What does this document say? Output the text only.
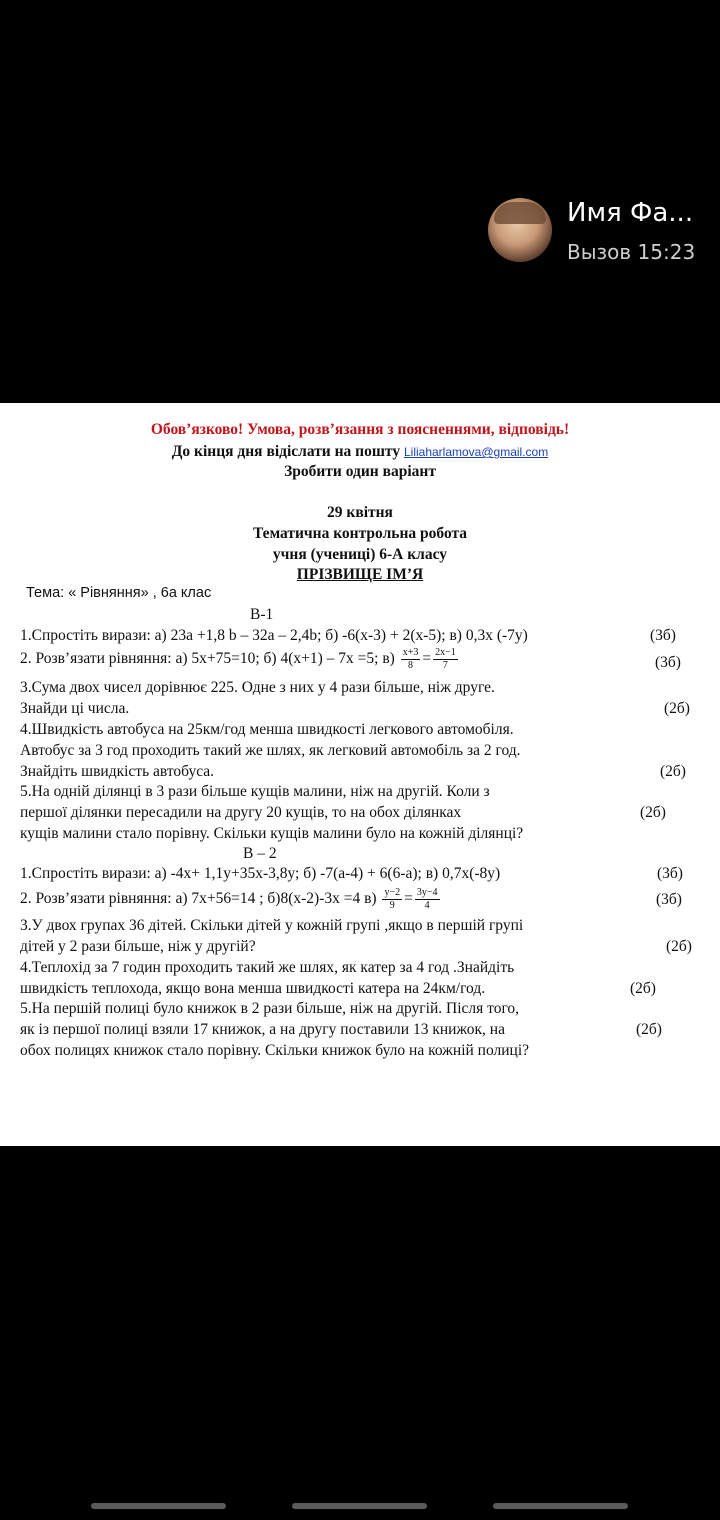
Имя Фа...
Вызов 15:23
Обов’язково! Умова, розв’язання з поясненнями, відповідь!
До кінця дня відіслати на пошту Liliaharlamova@gmail.com
Зробити один варіант
29 квітня
Тематична контрольна робота
учня (учениці) 6-А класу
ПРІЗВИЩЕ ІМ’Я
Тема: « Рівняння» , 6а клас
В-1
1.Спростіть вирази: а) 23а +1,8 b – 32а – 2,4b; б) -6(х-3) + 2(х-5); в) 0,3х (-7у)	(3б)
2. Розв’язати рівняння: а) 5х+75=10; б) 4(х+1) – 7х =5; $в) \frac{х+3}{8} = \frac{2х-1}{7}$	(3б)
3.Сума двох чисел дорівнює 225. Одне з них у 4 рази більше, ніж друге.
Знайди ці числа.	(2б)
4.Швидкість автобуса на 25км/год менша швидкості легкового автомобіля.
Автобус за 3 год проходить такий же шлях, як легковий автомобіль за 2 год.
Знайдіть швидкість автобуса.	(2б)
5.На одній ділянці в 3 рази більше кущів малини, ніж на другій. Коли з
першої ділянки пересадили на другу 20 кущів, то на обох ділянках	(2б)
кущів малини стало порівну. Скільки кущів малини було на кожній ділянці?
В – 2
1.Спростіть вирази: а) -4х+ 1,1у+35х-3,8у; б) -7(а-4) + 6(6-а); в) 0,7х(-8у)	(3б)
2. Розв’язати рівняння: а) 7х+56=14 ; б)8(х-2)-3х =4 $в) \frac{у-2}{9} = \frac{3у-4}{4}$	(3б)
3.У двох групах 36 дітей. Скільки дітей у кожній групі ,якщо в першій групі
дітей у 2 рази більше, ніж у другій?	(2б)
4.Теплохід за 7 годин проходить такий же шлях, як катер за 4 год .Знайдіть
швидкість теплохода, якщо вона менша швидкості катера на 24км/год.	(2б)
5.На першій полиці було книжок в 2 рази більше, ніж на другій. Після того,
як із першої полиці взяли 17 книжок, а на другу поставили 13 книжок, на	(2б)
обох полицях книжок стало порівну. Скільки книжок було на кожній полиці?
